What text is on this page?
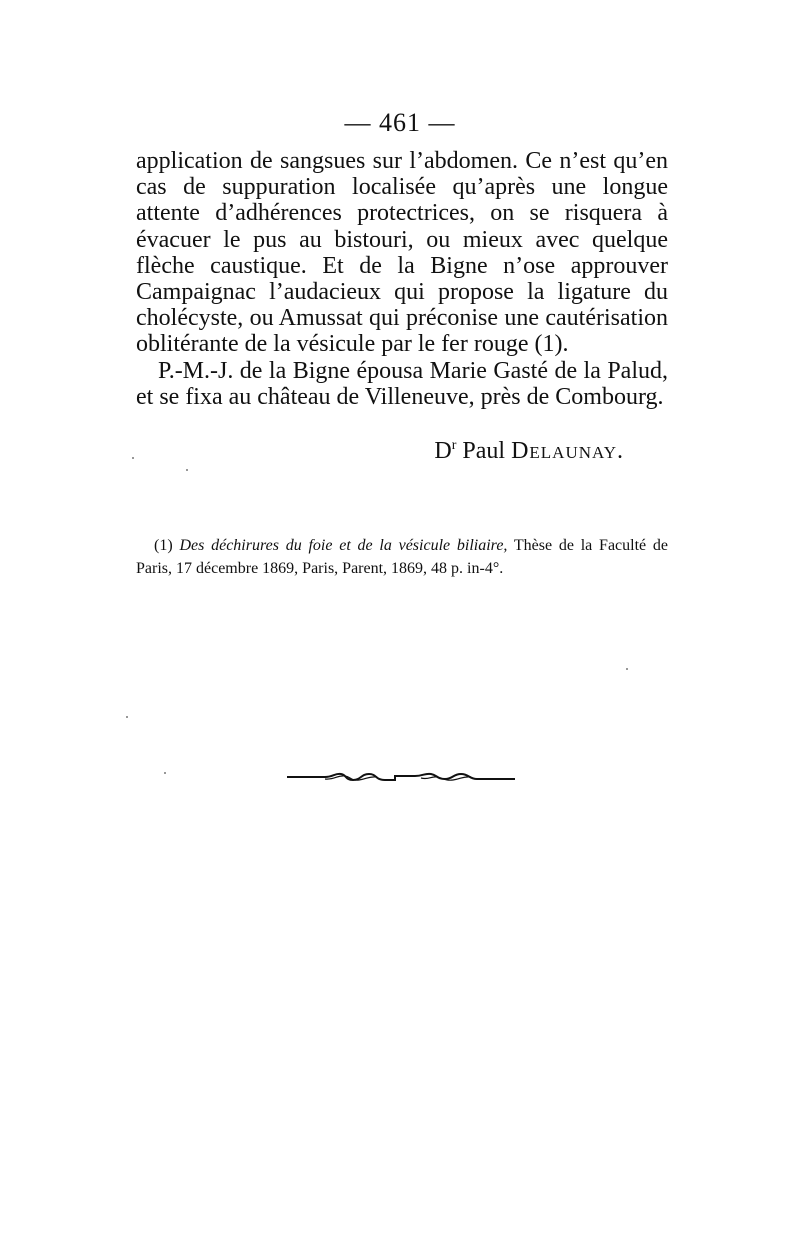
— 461 —

application de sangsues sur l’abdomen. Ce n’est qu’en cas de suppuration localisée qu’après une longue attente d’adhérences protectrices, on se risquera à évacuer le pus au bistouri, ou mieux avec quelque flèche caustique. Et de la Bigne n’ose approuver Campaignac l’audacieux qui propose la ligature du cholécyste, ou Amussat qui préconise une cautérisation oblitérante de la vésicule par le fer rouge (1).

P.-M.-J. de la Bigne épousa Marie Gasté de la Palud, et se fixa au château de Villeneuve, près de Combourg.

$D^r$ Paul Delaunay.

(1) Des déchirures du foie et de la vésicule biliaire, Thèse de la Faculté de Paris, 17 décembre 1869, Paris, Parent, 1869, 48 p. in-4°.
